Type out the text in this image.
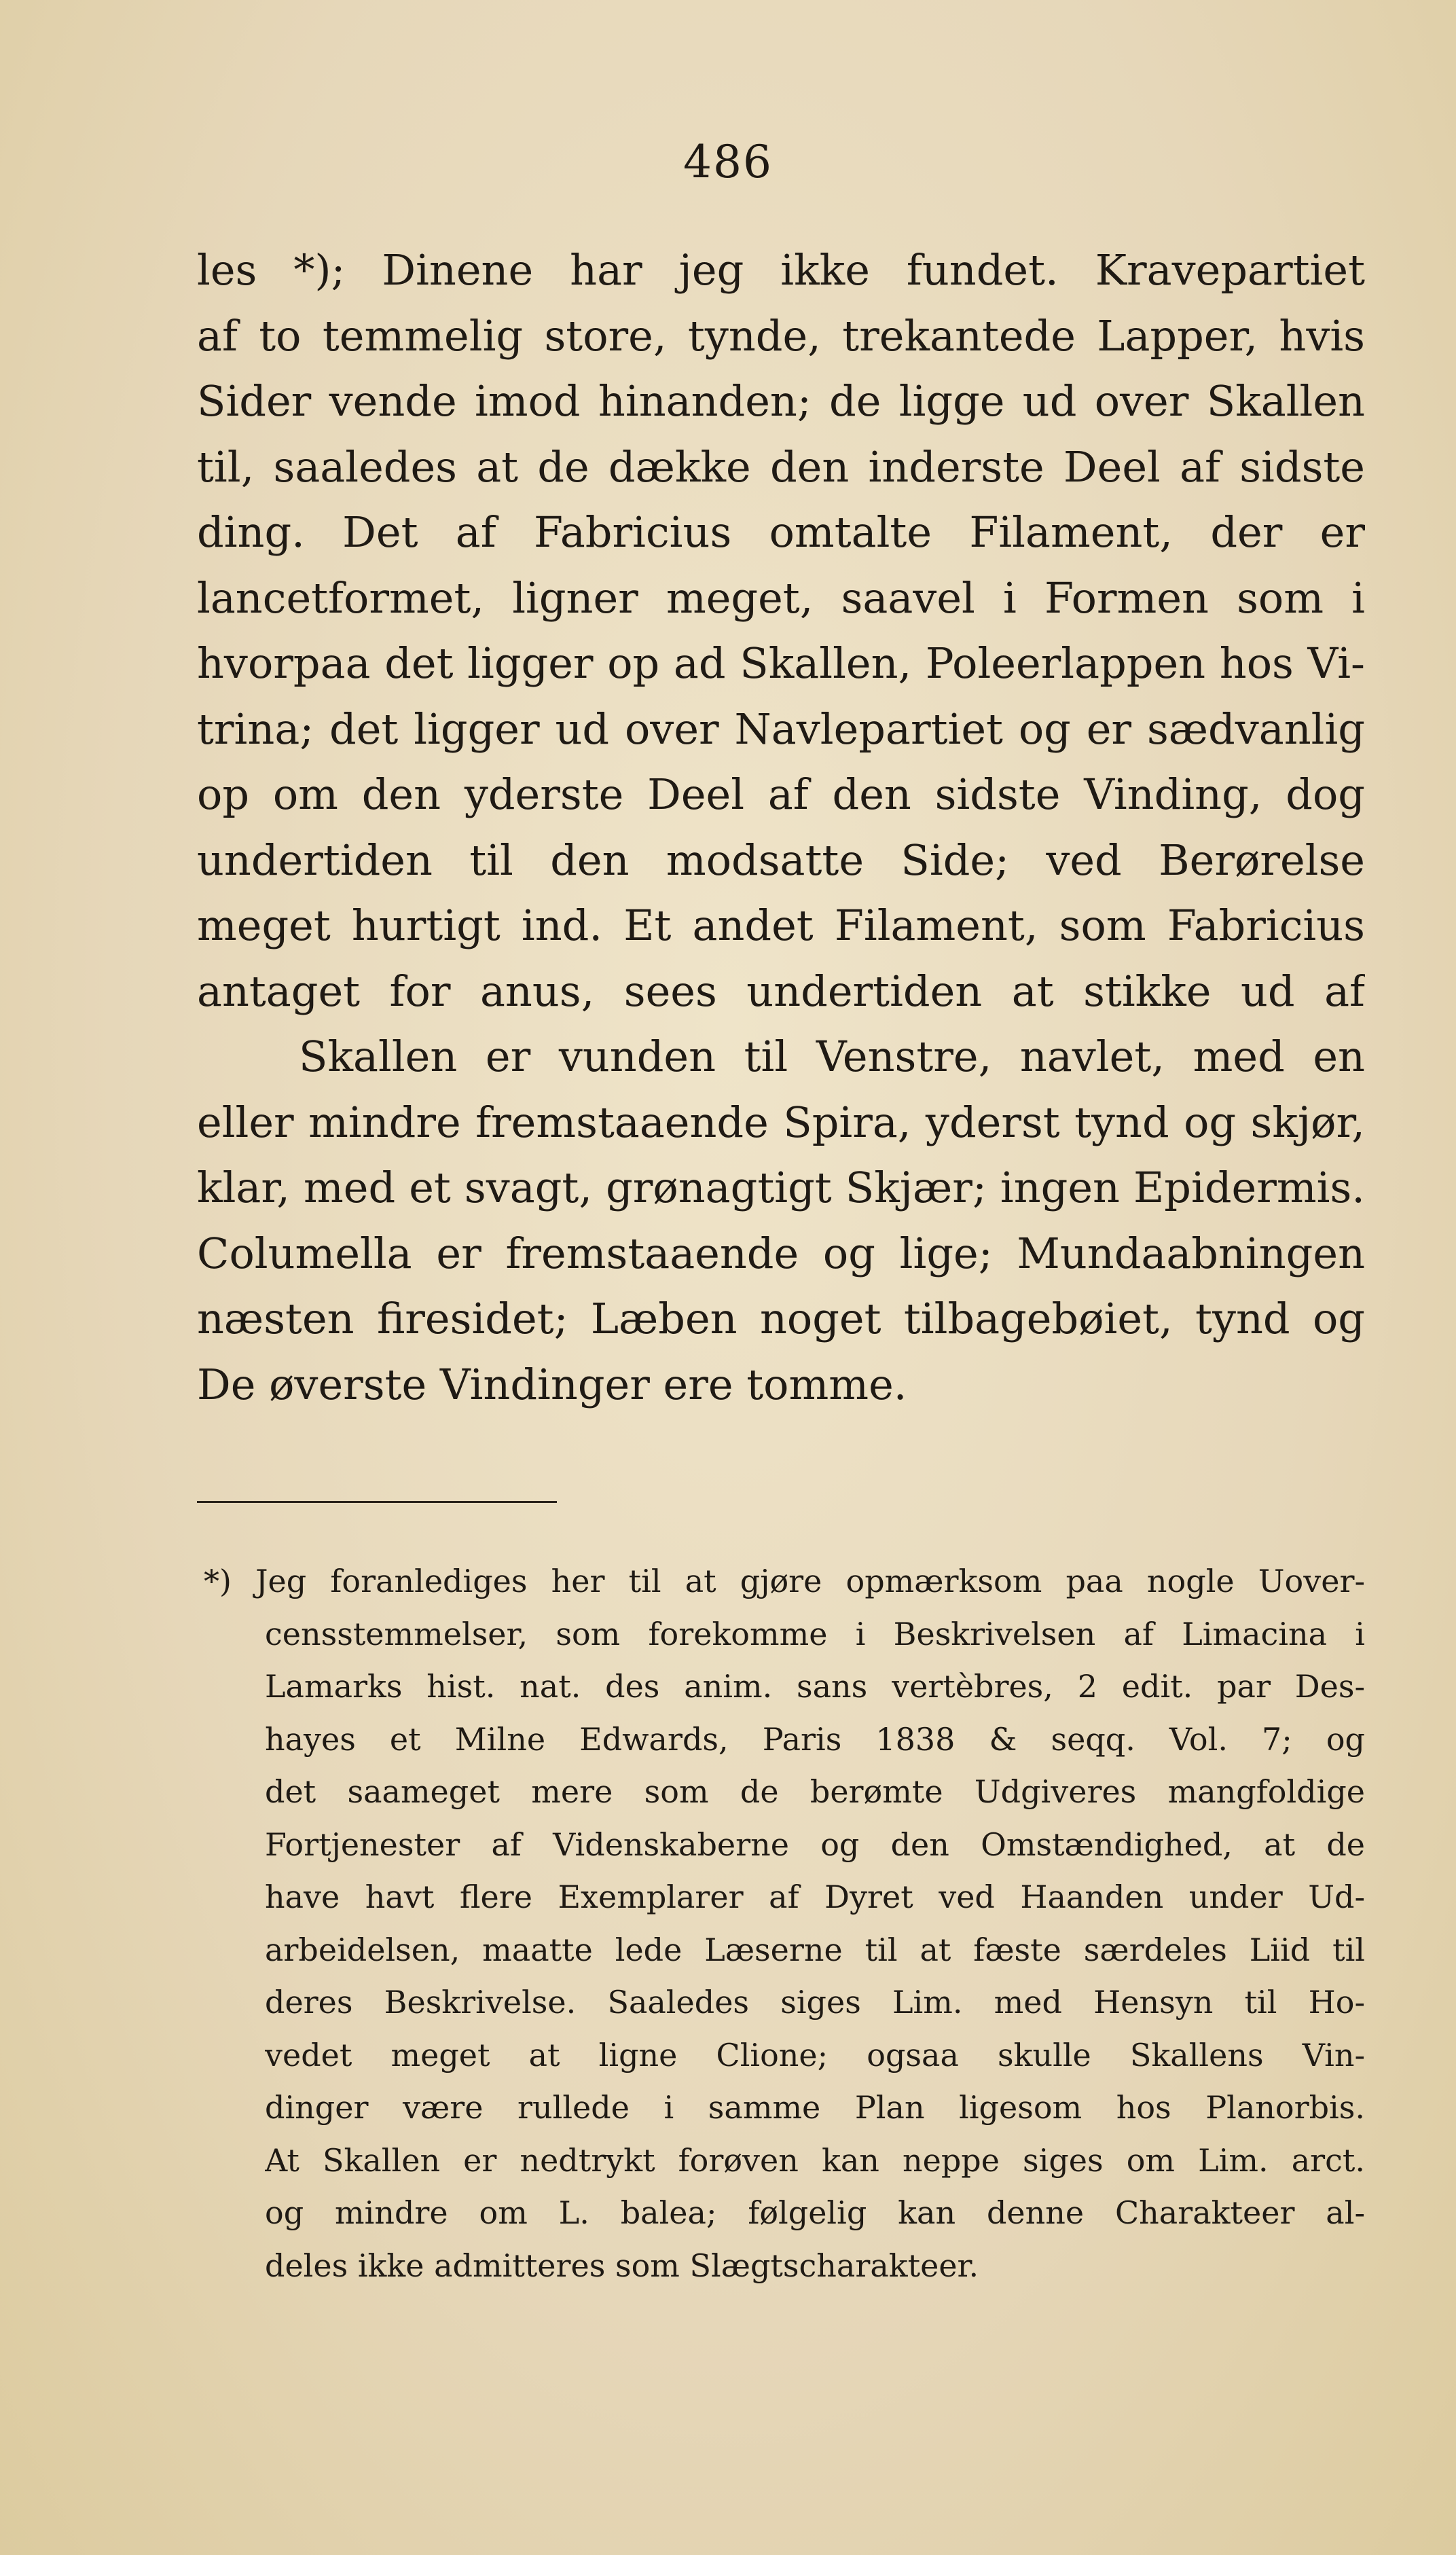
486
les *); Dinene har jeg ikke fundet. Kravepartiet
af to temmelig store, tynde, trekantede Lapper, hvis
Sider vende imod hinanden; de ligge ud over Skallen
til, saaledes at de dække den inderste Deel af sidste
ding. Det af Fabricius omtalte Filament, der er
lancetformet, ligner meget, saavel i Formen som i
hvorpaa det ligger op ad Skallen, Poleerlappen hos Vi-
trina; det ligger ud over Navlepartiet og er sædvanlig
op om den yderste Deel af den sidste Vinding, dog
undertiden til den modsatte Side; ved Berørelse
meget hurtigt ind. Et andet Filament, som Fabricius
antaget for anus, sees undertiden at stikke ud af
Skallen er vunden til Venstre, navlet, med en
eller mindre fremstaaende Spira, yderst tynd og skjør,
klar, med et svagt, grønagtigt Skjær; ingen Epidermis.
Columella er fremstaaende og lige; Mundaabningen
næsten firesidet; Læben noget tilbagebøiet, tynd og
De øverste Vindinger ere tomme.
*) Jeg foranlediges her til at gjøre opmærksom paa nogle Uover-
censstemmelser, som forekomme i Beskrivelsen af Limacina i
Lamarks hist. nat. des anim. sans vertèbres, 2 edit. par Des-
hayes et Milne Edwards, Paris 1838 & seqq. Vol. 7; og
det saameget mere som de berømte Udgiveres mangfoldige
Fortjenester af Videnskaberne og den Omstændighed, at de
have havt flere Exemplarer af Dyret ved Haanden under Ud-
arbeidelsen, maatte lede Læserne til at fæste særdeles Liid til
deres Beskrivelse. Saaledes siges Lim. med Hensyn til Ho-
vedet meget at ligne Clione; ogsaa skulle Skallens Vin-
dinger være rullede i samme Plan ligesom hos Planorbis.
At Skallen er nedtrykt forøven kan neppe siges om Lim. arct.
og mindre om L. balea; følgelig kan denne Charakteer al-
deles ikke admitteres som Slægtscharakteer.
